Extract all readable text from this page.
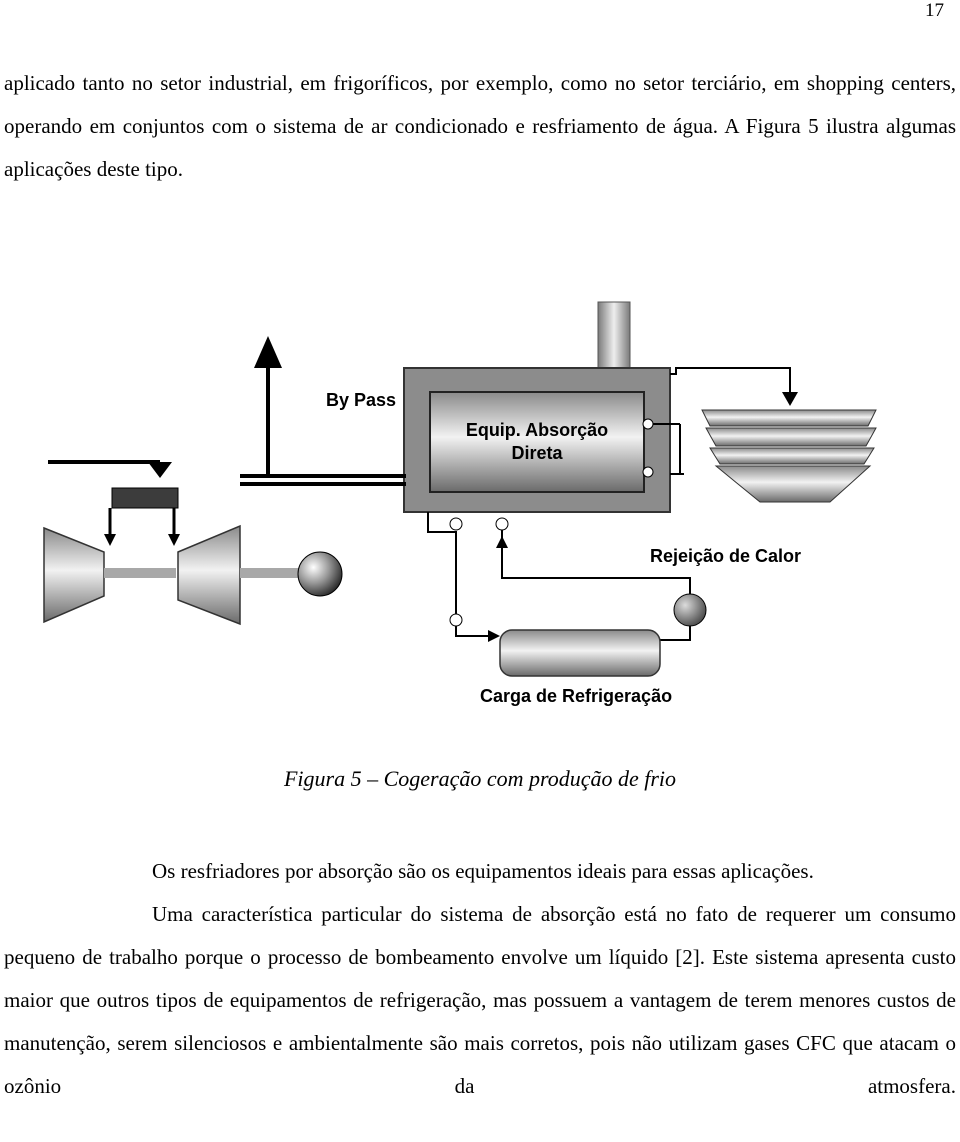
17

aplicado tanto no setor industrial, em frigoríficos, por exemplo, como no setor terciário, em shopping centers, operando em conjuntos com o sistema de ar condicionado e resfriamento de água. A Figura 5 ilustra algumas aplicações deste tipo.

Equip. Absorção
Direta
By Pass
Rejeição de Calor
Carga de Refrigeração
Figura 5 – Cogeração com produção de frio

Os resfriadores por absorção são os equipamentos ideais para essas aplicações.

Uma característica particular do sistema de absorção está no fato de requerer um consumo pequeno de trabalho porque o processo de bombeamento envolve um líquido [2]. Este sistema apresenta custo maior que outros tipos de equipamentos de refrigeração, mas possuem a vantagem de terem menores custos de manutenção, serem silenciosos e ambientalmente são mais corretos, pois não utilizam gases CFC que atacam o ozônio da atmosfera.
